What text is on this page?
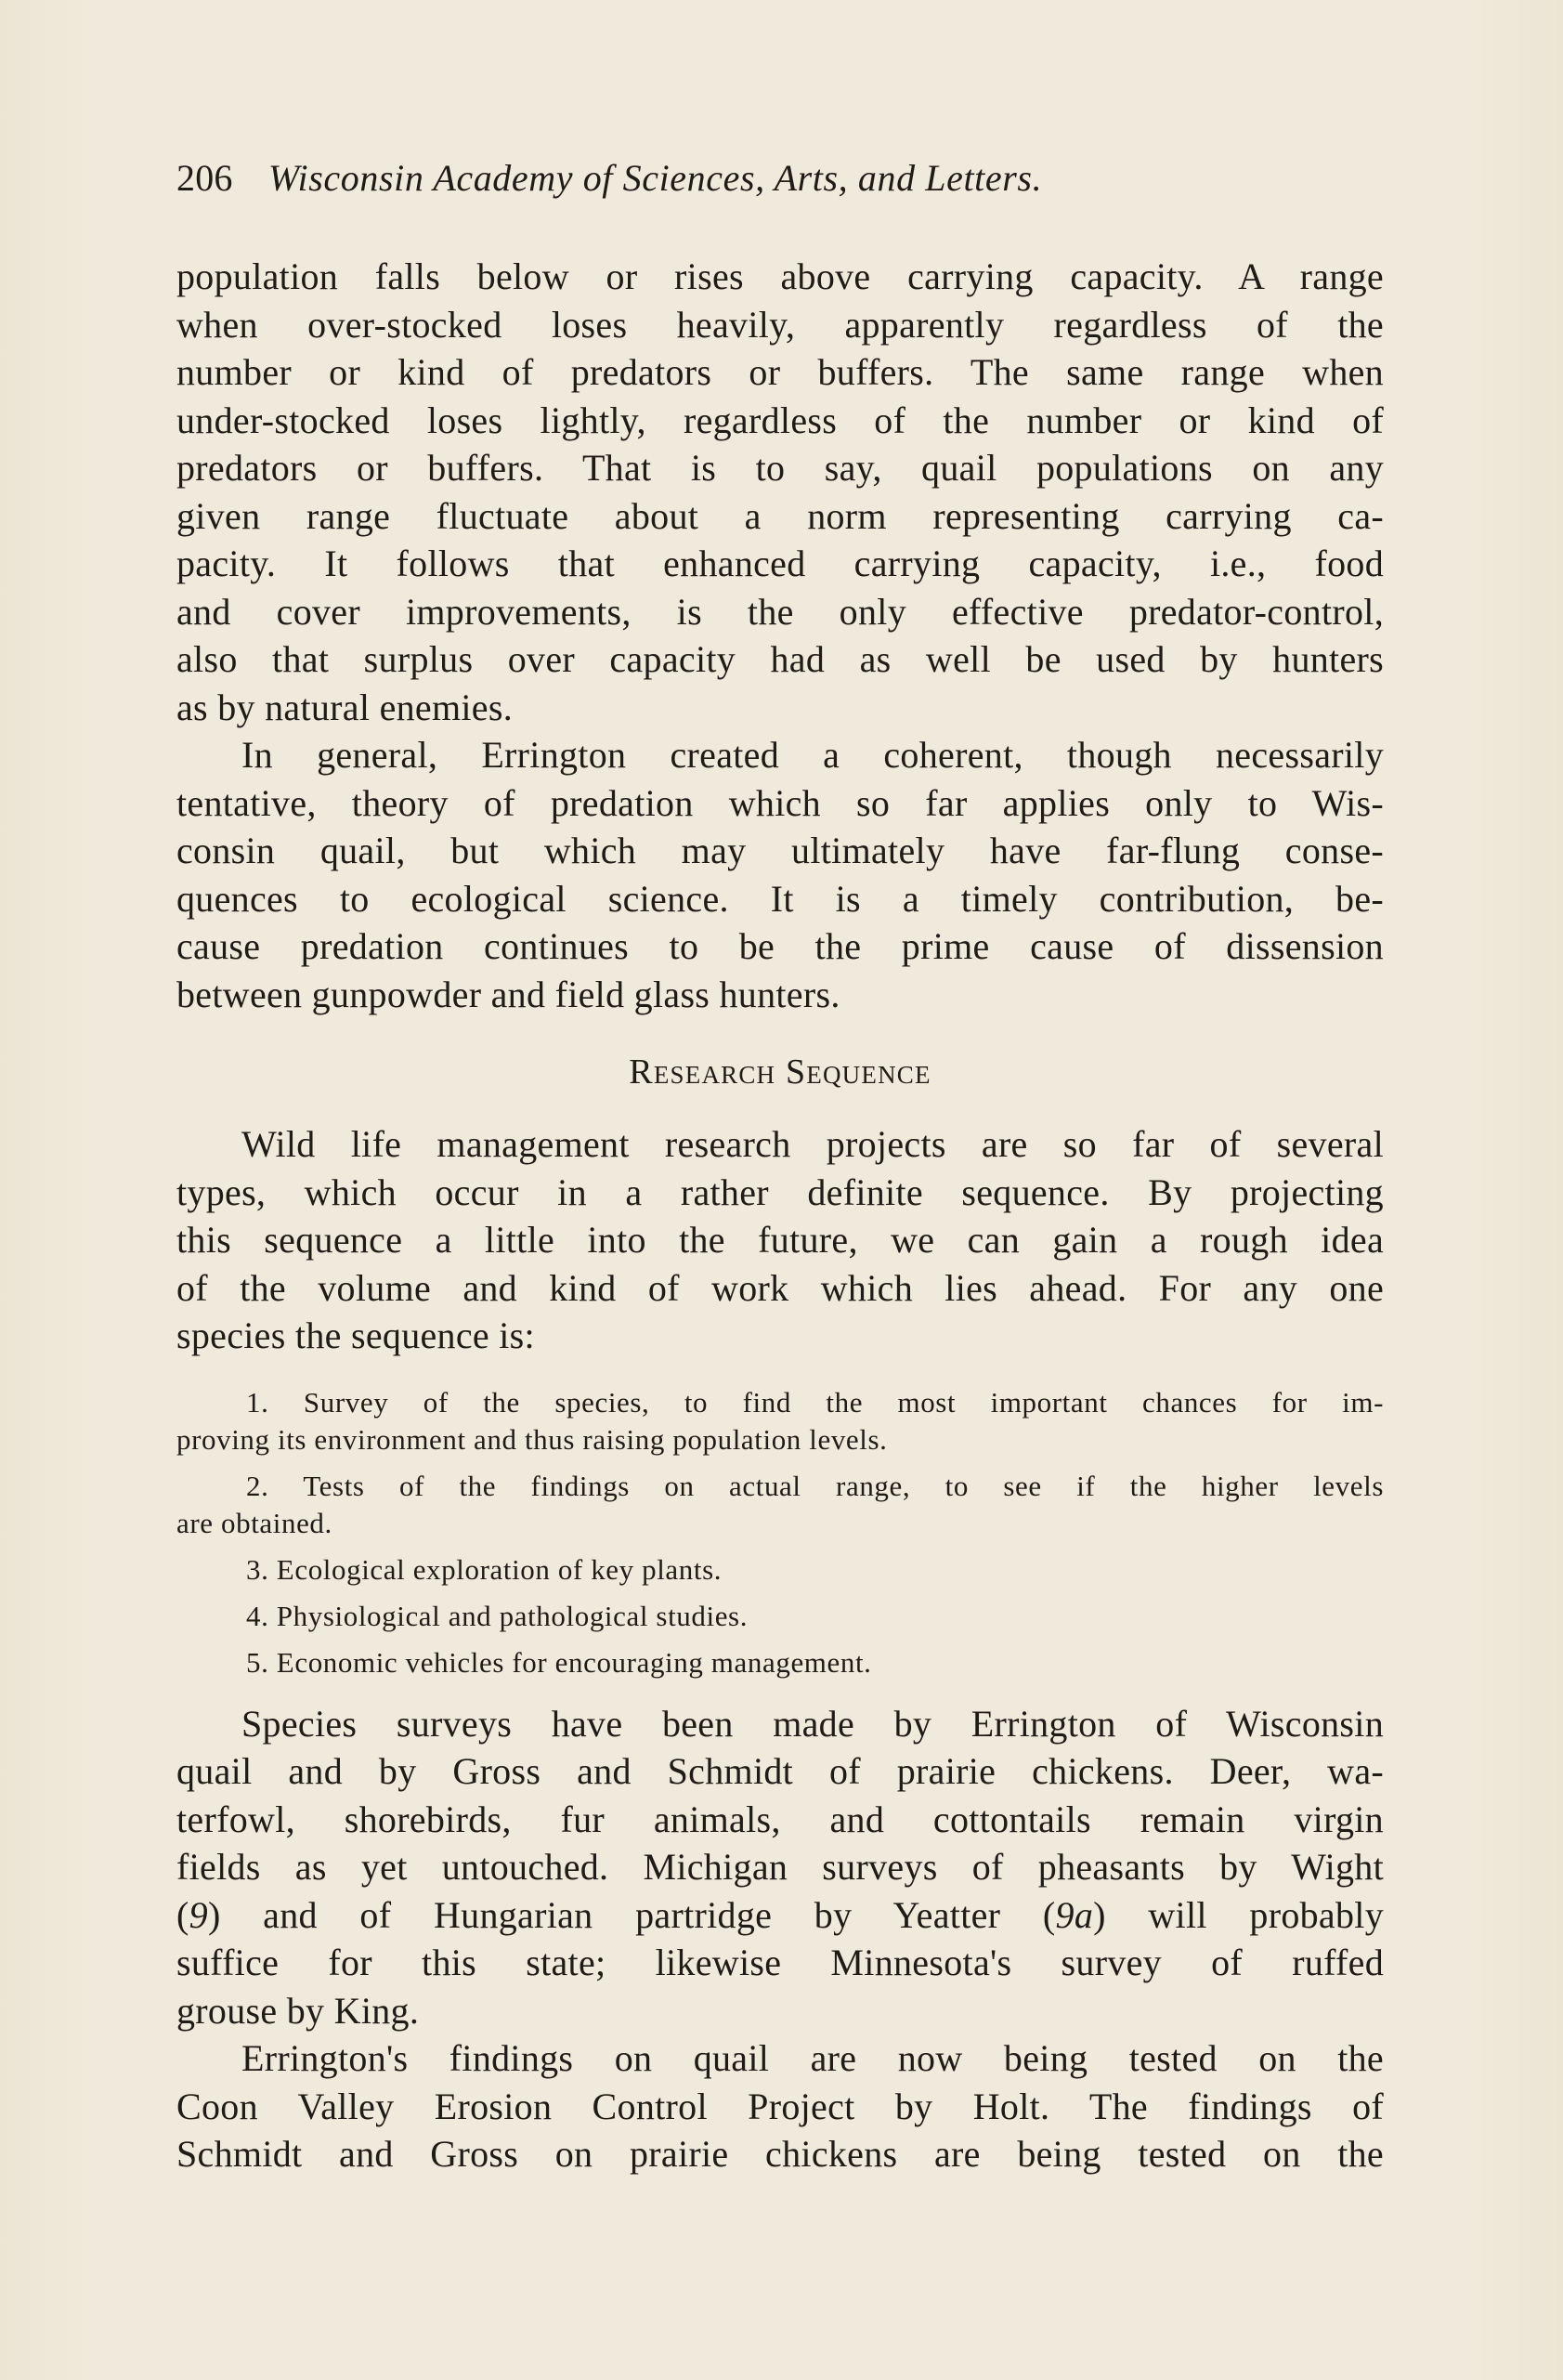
206 Wisconsin Academy of Sciences, Arts, and Letters.
population falls below or rises above carrying capacity. A range
when over-stocked loses heavily, apparently regardless of the
number or kind of predators or buffers. The same range when
under-stocked loses lightly, regardless of the number or kind of
predators or buffers. That is to say, quail populations on any
given range fluctuate about a norm representing carrying ca-
pacity. It follows that enhanced carrying capacity, i.e., food
and cover improvements, is the only effective predator-control,
also that surplus over capacity had as well be used by hunters
as by natural enemies.
In general, Errington created a coherent, though necessarily
tentative, theory of predation which so far applies only to Wis-
consin quail, but which may ultimately have far-flung conse-
quences to ecological science. It is a timely contribution, be-
cause predation continues to be the prime cause of dissension
between gunpowder and field glass hunters.
Research Sequence
Wild life management research projects are so far of several
types, which occur in a rather definite sequence. By projecting
this sequence a little into the future, we can gain a rough idea
of the volume and kind of work which lies ahead. For any one
species the sequence is:
1. Survey of the species, to find the most important chances for im-
proving its environment and thus raising population levels.
2. Tests of the findings on actual range, to see if the higher levels
are obtained.
3. Ecological exploration of key plants.
4. Physiological and pathological studies.
5. Economic vehicles for encouraging management.
Species surveys have been made by Errington of Wisconsin
quail and by Gross and Schmidt of prairie chickens. Deer, wa-
terfowl, shorebirds, fur animals, and cottontails remain virgin
fields as yet untouched. Michigan surveys of pheasants by Wight
(9) and of Hungarian partridge by Yeatter (9a) will probably
suffice for this state; likewise Minnesota's survey of ruffed
grouse by King.
Errington's findings on quail are now being tested on the
Coon Valley Erosion Control Project by Holt. The findings of
Schmidt and Gross on prairie chickens are being tested on the
